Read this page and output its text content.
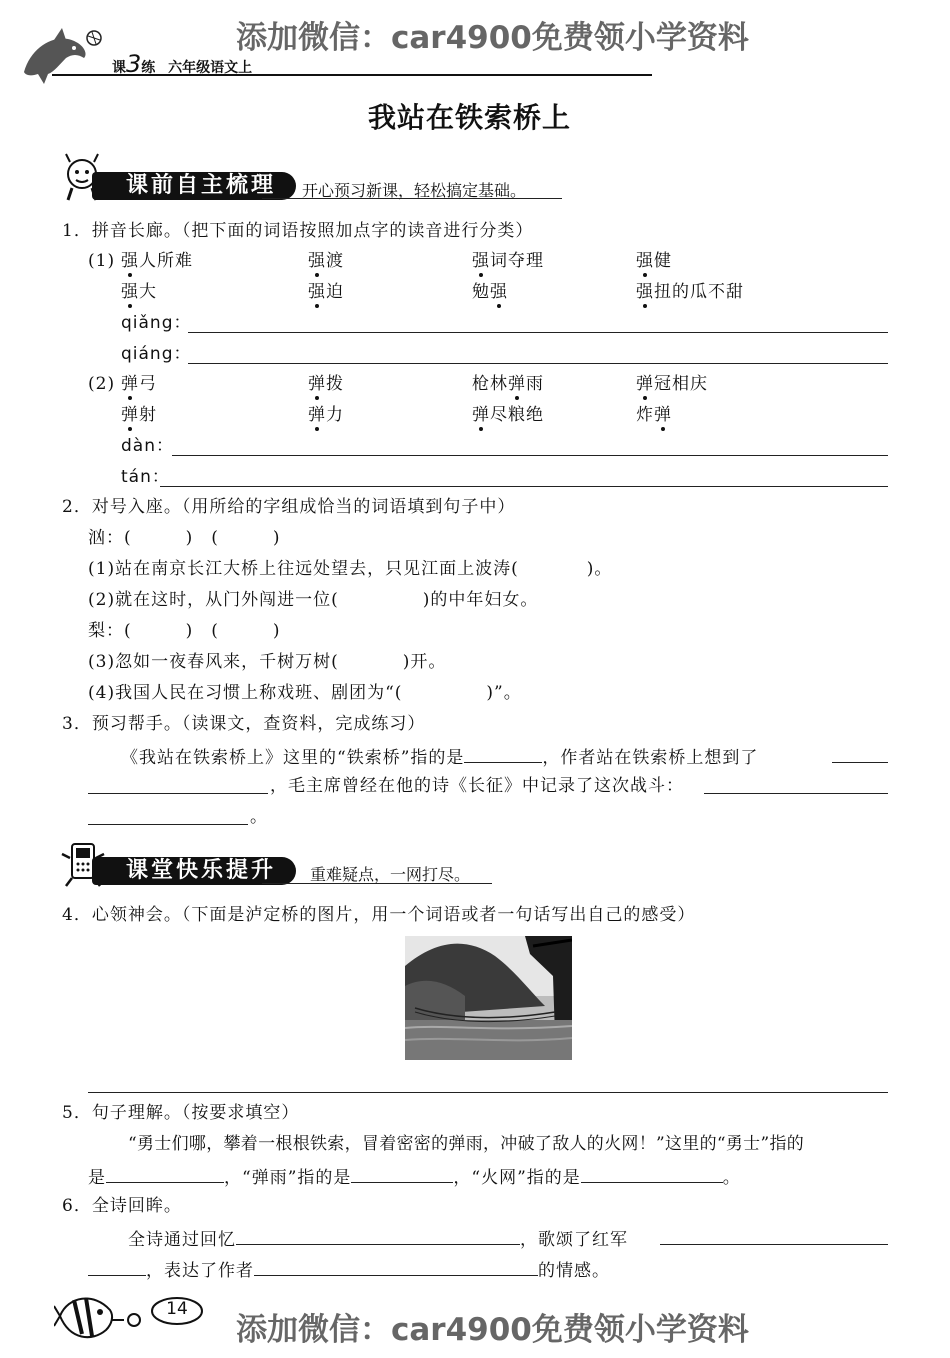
添加微信：car4900免费领小学资料
课3练 六年级语文上
我站在铁索桥上
课前自主梳理	开心预习新课，轻松搞定基础。
1．拼音长廊。（把下面的词语按照加点字的读音进行分类）
(1) 强人所难	强渡	强词夺理	强健
强大	强迫	勉强	强扭的瓜不甜
qiǎng：
qiáng：
(2) 弹弓	弹拨	枪林弹雨	弹冠相庆
弹射	弹力	弹尽粮绝	炸弹
dàn：
tán：
2．对号入座。（用所给的字组成恰当的词语填到句子中）
汹：(　　　)　(　　　)
(1)站在南京长江大桥上往远处望去，只见江面上波涛(	)。
(2)就在这时，从门外闯进一位(	)的中年妇女。
梨：(　　　)　(　　　)
(3)忽如一夜春风来，千树万树(	)开。
(4)我国人民在习惯上称戏班、剧团为“(	)”。
3．预习帮手。（读课文，查资料，完成练习）
《我站在铁索桥上》这里的“铁索桥”指的是	，作者站在铁索桥上想到了
，毛主席曾经在他的诗《长征》中记录了这次战斗：
。
课堂快乐提升	重难疑点，一网打尽。
4．心领神会。（下面是泸定桥的图片，用一个词语或者一句话写出自己的感受）
5．句子理解。（按要求填空）
“勇士们哪，攀着一根根铁索，冒着密密的弹雨，冲破了敌人的火网！”这里的“勇士”指的
是	，“弹雨”指的是	，“火网”指的是	。
6．全诗回眸。
全诗通过回忆	，歌颂了红军
，表达了作者	的情感。
14
添加微信：car4900免费领小学资料
